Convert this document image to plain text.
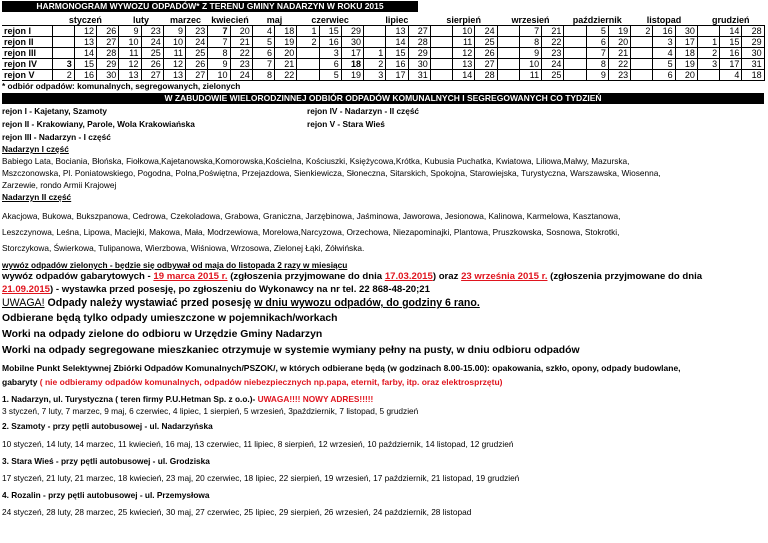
HARMONOGRAM WYWOZU ODPADÓW* Z TERENU GMINY NADARZYN W ROKU 2015
	styczeń			luty		marzec		kwiecień		maj		czerwiec			lipiec			sierpień			wrzesień			październik			listopad			grudzień		
rejon I		12	26	9	23	9	23	7	20	4	18	1	15	29		13	27		10	24		7	21		5	19	2	16	30		14	28
rejon II		13	27	10	24	10	24	7	21	5	19	2	16	30		14	28		11	25		8	22		6	20		3	17	1	15	29
rejon III		14	28	11	25	11	25	8	22	6	20		3	17	1	15	29		12	26		9	23		7	21		4	18	2	16	30
rejon IV	3	15	29	12	26	12	26	9	23	7	21		6	18	2	16	30		13	27		10	24		8	22		5	19	3	17	31
rejon V	2	16	30	13	27	13	27	10	24	8	22		5	19	3	17	31		14	28		11	25		9	23		6	20		4	18
* odbiór odpadów: komunalnych, segregowanych, zielonych
W ZABUDOWIE WIELORODZINNEJ ODBIÓR ODPADÓW KOMUNALNYCH I SEGREGOWANYCH CO TYDZIEŃ
rejon I - Kajetany, Szamoty	rejon IV - Nadarzyn - II część
rejon II - Krakowiany, Parole, Wola Krakowiańska	rejon V - Stara Wieś
rejon III - Nadarzyn - I część
Nadarzyn I część
Babiego Lata, Bociania, Błońska, Fiołkowa,Kajetanowska,Komorowska,Kościelna, Kościuszki, Księżycowa,Krótka, Kubusia Puchatka, Kwiatowa, Liliowa,Malwy, Mazurska,
Mszczonowska, Pl. Poniatowskiego, Pogodna, Polna,Poświętna, Przejazdowa, Sienkiewicza, Słoneczna, Sitarskich, Spokojna, Starowiejska, Turystyczna, Warszawska, Wiosenna,
Zarzewie, rondo Armii Krajowej
Nadarzyn II część
Akacjowa, Bukowa, Bukszpanowa, Cedrowa, Czekoladowa, Grabowa, Graniczna, Jarzębinowa, Jaśminowa, Jaworowa, Jesionowa, Kalinowa, Karmelowa, Kasztanowa,
Leszczynowa, Leśna, Lipowa, Maciejki, Makowa, Mała, Modrzewiowa, Morelowa,Narcyzowa, Orzechowa, Niezapominajki, Plantowa, Pruszkowska, Sosnowa, Stokrotki,
Storczykowa, Świerkowa, Tulipanowa, Wierzbowa, Wiśniowa, Wrzosowa, Zielonej Łąki, Żółwińska.
wywóz odpadów zielonych - będzie się odbywał od maja do listopada 2 razy w miesiącu
wywóz odpadów gabarytowych - 19 marca 2015 r. (zgłoszenia przyjmowane do dnia 17.03.2015) oraz 23 września 2015 r. (zgłoszenia przyjmowane do dnia
21.09.2015) - wystawka przed posesję, po zgłoszeniu do Wykonawcy na nr tel. 22 868-48-20;21
UWAGA! Odpady należy wystawiać przed posesję w dniu wywozu odpadów, do godziny 6 rano.
Odbierane będą tylko odpady umieszczone w pojemnikach/workach
Worki na odpady zielone do odbioru w Urzędzie Gminy Nadarzyn
Worki na odpady segregowane mieszkaniec otrzymuje w systemie wymiany pełny na pusty, w dniu odbioru odpadów
Mobilne Punkt Selektywnej Zbiórki Odpadów Komunalnych/PSZOK/, w których odbierane będą (w godzinach 8.00-15.00): opakowania, szkło, opony, odpady budowlane,
gabaryty ( nie odbieramy odpadów komunalnych, odpadów niebezpiecznych np.papa, eternit, farby, itp. oraz elektrosprzętu)
1. Nadarzyn, ul. Turystyczna ( teren firmy P.U.Hetman Sp. z o.o.)- UWAGA!!!! NOWY ADRES!!!!!
3 styczeń, 7 luty, 7 marzec, 9 maj, 6 czerwiec, 4 lipiec, 1 sierpień, 5 wrzesień, 3październik, 7 listopad, 5 grudzień
2. Szamoty - przy pętli autobusowej - ul. Nadarzyńska
10 styczeń, 14 luty, 14 marzec, 11 kwiecień, 16 maj, 13 czerwiec, 11 lipiec, 8 sierpień, 12 wrzesień, 10 październik, 14 listopad, 12 grudzień
3. Stara Wieś - przy pętli autobusowej - ul. Grodziska
17 styczeń, 21 luty, 21 marzec, 18 kwiecień, 23 maj, 20 czerwiec, 18 lipiec, 22 sierpień, 19 wrzesień, 17 październik, 21 listopad, 19 grudzień
4. Rozalin - przy pętli autobusowej - ul. Przemysłowa
24 styczeń, 28 luty, 28 marzec, 25 kwiecień, 30 maj, 27 czerwiec, 25 lipiec, 29 sierpień, 26 wrzesień, 24 październik, 28 listopad
